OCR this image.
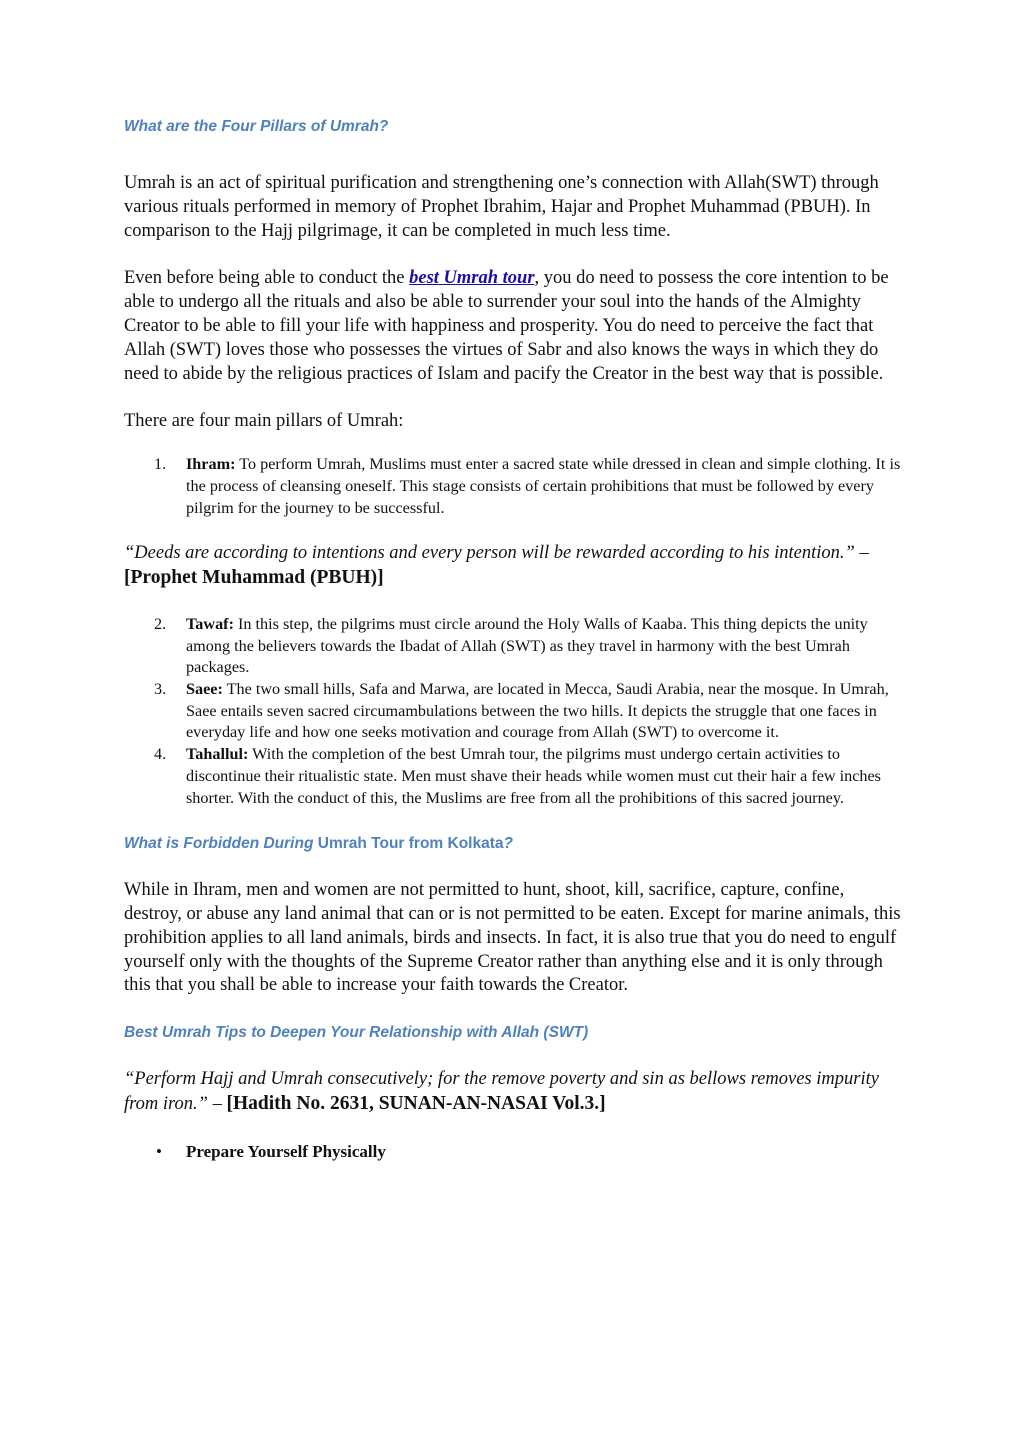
What are the Four Pillars of Umrah?

Umrah is an act of spiritual purification and strengthening one’s connection with Allah(SWT) through various rituals performed in memory of Prophet Ibrahim, Hajar and Prophet Muhammad (PBUH). In comparison to the Hajj pilgrimage, it can be completed in much less time.

Even before being able to conduct the best Umrah tour, you do need to possess the core intention to be able to undergo all the rituals and also be able to surrender your soul into the hands of the Almighty Creator to be able to fill your life with happiness and prosperity. You do need to perceive the fact that Allah (SWT) loves those who possesses the virtues of Sabr and also knows the ways in which they do need to abide by the religious practices of Islam and pacify the Creator in the best way that is possible.

There are four main pillars of Umrah:

1.	Ihram: To perform Umrah, Muslims must enter a sacred state while dressed in clean and simple clothing. It is the process of cleansing oneself. This stage consists of certain prohibitions that must be followed by every pilgrim for the journey to be successful.

“Deeds are according to intentions and every person will be rewarded according to his intention.” – [Prophet Muhammad (PBUH)]

2.	Tawaf: In this step, the pilgrims must circle around the Holy Walls of Kaaba. This thing depicts the unity among the believers towards the Ibadat of Allah (SWT) as they travel in harmony with the best Umrah packages.
3.	Saee: The two small hills, Safa and Marwa, are located in Mecca, Saudi Arabia, near the mosque. In Umrah, Saee entails seven sacred circumambulations between the two hills. It depicts the struggle that one faces in everyday life and how one seeks motivation and courage from Allah (SWT) to overcome it.
4.	Tahallul: With the completion of the best Umrah tour, the pilgrims must undergo certain activities to discontinue their ritualistic state. Men must shave their heads while women must cut their hair a few inches shorter. With the conduct of this, the Muslims are free from all the prohibitions of this sacred journey.
What is Forbidden During Umrah Tour from Kolkata?

While in Ihram, men and women are not permitted to hunt, shoot, kill, sacrifice, capture, confine, destroy, or abuse any land animal that can or is not permitted to be eaten. Except for marine animals, this prohibition applies to all land animals, birds and insects. In fact, it is also true that you do need to engulf yourself only with the thoughts of the Supreme Creator rather than anything else and it is only through this that you shall be able to increase your faith towards the Creator.

Best Umrah Tips to Deepen Your Relationship with Allah (SWT)

“Perform Hajj and Umrah consecutively; for the remove poverty and sin as bellows removes impurity from iron.” – [Hadith No. 2631, SUNAN-AN-NASAI Vol.3.]

• Prepare Yourself Physically
